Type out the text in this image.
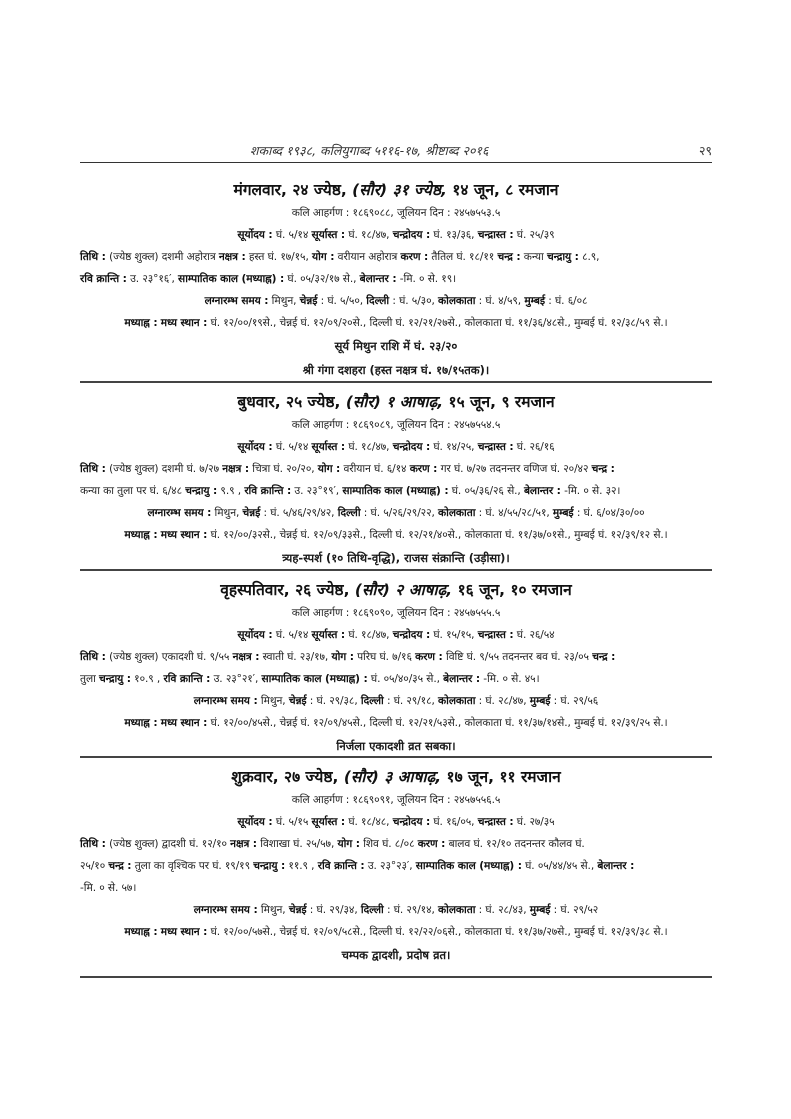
शकाब्द १९३८, कलियुगाब्द ५११६-१७, श्रीष्टाब्द २०१६	२९
मंगलवार, २४ ज्येष्ठ, (सौर) ३१ ज्येष्ठ, १४ जून, ८ रमजान
कलि आहर्गण : १८६९०८८, जूलियन दिन : २४५७५५३.५
सूर्योदय : घं. ५/१४ सूर्यास्त : घं. १८/४७, चन्द्रोदय : घं. १३/३६, चन्द्रास्त : घं. २५/३९
तिथि : (ज्येष्ठ शुक्ल) दशमी अहोरात्र नक्षत्र : हस्त घं. १७/१५, योग : वरीयान अहोरात्र करण : तैतिल घं. १८/११ चन्द्र : कन्या चन्द्रायु : ८.९,
रवि क्रान्ति : उ. २३°१६′, साम्पातिक काल (मध्याह्न) : घं. ०५/३२/१७ से., बेलान्तर : -मि. ० से. १९।
लग्नारम्भ समय : मिथुन, चेन्नई : घं. ५/५०, दिल्ली : घं. ५/३०, कोलकाता : घं. ४/५९, मुम्बई : घं. ६/०८
मध्याह्न : मध्य स्थान : घं. १२/००/१९से., चेन्नई घं. १२/०९/२०से., दिल्ली घं. १२/२१/२७से., कोलकाता घं. ११/३६/४८से., मुम्बई घं. १२/३८/५९ से.।
सूर्य मिथुन राशि में घं. २३/२०
श्री गंगा दशहरा (हस्त नक्षत्र घं. १७/१५तक)।
बुधवार, २५ ज्येष्ठ, (सौर) १ आषाढ़, १५ जून, ९ रमजान
कलि आहर्गण : १८६९०८९, जूलियन दिन : २४५७५५४.५
सूर्योदय : घं. ५/१४ सूर्यास्त : घं. १८/४७, चन्द्रोदय : घं. १४/२५, चन्द्रास्त : घं. २६/१६
तिथि : (ज्येष्ठ शुक्ल) दशमी घं. ७/२७ नक्षत्र : चित्रा घं. २०/२०, योग : वरीयान घं. ६/१४ करण : गर घं. ७/२७ तदनन्तर वणिज घं. २०/४२ चन्द्र :
कन्या का तुला पर घं. ६/४८ चन्द्रायु : ९.९ , रवि क्रान्ति : उ. २३°१९′, साम्पातिक काल (मध्याह्न) : घं. ०५/३६/२६ से., बेलान्तर : -मि. ० से. ३२।
लग्नारम्भ समय : मिथुन, चेन्नई : घं. ५/४६/२९/४२, दिल्ली : घं. ५/२६/२९/२२, कोलकाता : घं. ४/५५/२८/५१, मुम्बई : घं. ६/०४/३०/००
मध्याह्न : मध्य स्थान : घं. १२/००/३२से., चेन्नई घं. १२/०९/३३से., दिल्ली घं. १२/२१/४०से., कोलकाता घं. ११/३७/०१से., मुम्बई घं. १२/३९/१२ से.।
त्र्यह-स्पर्श (१० तिथि-वृद्धि), राजस संक्रान्ति (उड़ीसा)।
वृहस्पतिवार, २६ ज्येष्ठ, (सौर) २ आषाढ़, १६ जून, १० रमजान
कलि आहर्गण : १८६९०९०, जूलियन दिन : २४५७५५५.५
सूर्योदय : घं. ५/१४ सूर्यास्त : घं. १८/४७, चन्द्रोदय : घं. १५/१५, चन्द्रास्त : घं. २६/५४
तिथि : (ज्येष्ठ शुक्ल) एकादशी घं. ९/५५ नक्षत्र : स्वाती घं. २३/१७, योग : परिघ घं. ७/१६ करण : विष्टि घं. ९/५५ तदनन्तर बव घं. २३/०५ चन्द्र :
तुला चन्द्रायु : १०.९ , रवि क्रान्ति : उ. २३°२१′, साम्पातिक काल (मध्याह्न) : घं. ०५/४०/३५ से., बेलान्तर : -मि. ० से. ४५।
लग्नारम्भ समय : मिथुन, चेन्नई : घं. २९/३८, दिल्ली : घं. २९/१८, कोलकाता : घं. २८/४७, मुम्बई : घं. २९/५६
मध्याह्न : मध्य स्थान : घं. १२/००/४५से., चेन्नई घं. १२/०९/४५से., दिल्ली घं. १२/२१/५३से., कोलकाता घं. ११/३७/१४से., मुम्बई घं. १२/३९/२५ से.।
निर्जला एकादशी व्रत सबका।
शुक्रवार, २७ ज्येष्ठ, (सौर) ३ आषाढ़, १७ जून, ११ रमजान
कलि आहर्गण : १८६९०९१, जूलियन दिन : २४५७५५६.५
सूर्योदय : घं. ५/१५ सूर्यास्त : घं. १८/४८, चन्द्रोदय : घं. १६/०५, चन्द्रास्त : घं. २७/३५
तिथि : (ज्येष्ठ शुक्ल) द्वादशी घं. १२/१० नक्षत्र : विशाखा घं. २५/५७, योग : शिव घं. ८/०८ करण : बालव घं. १२/१० तदनन्तर कौलव घं.
२५/१० चन्द्र : तुला का वृश्चिक पर घं. १९/१९ चन्द्रायु : ११.९ , रवि क्रान्ति : उ. २३°२३′, साम्पातिक काल (मध्याह्न) : घं. ०५/४४/४५ से., बेलान्तर :
-मि. ० से. ५७।
लग्नारम्भ समय : मिथुन, चेन्नई : घं. २९/३४, दिल्ली : घं. २९/१४, कोलकाता : घं. २८/४३, मुम्बई : घं. २९/५२
मध्याह्न : मध्य स्थान : घं. १२/००/५७से., चेन्नई घं. १२/०९/५८से., दिल्ली घं. १२/२२/०६से., कोलकाता घं. ११/३७/२७से., मुम्बई घं. १२/३९/३८ से.।
चम्पक द्वादशी, प्रदोष व्रत।
